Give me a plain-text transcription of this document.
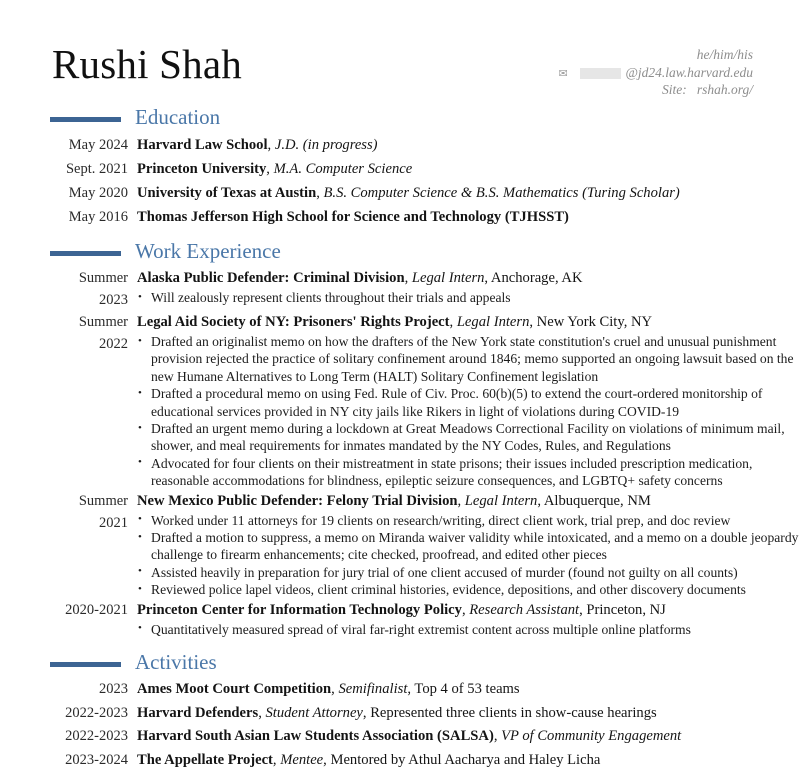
Rushi Shah	he/him/his
✉	@jd24.law.harvard.edu
Site: rshah.org/
Education
May 2024 Harvard Law School, J.D. (in progress)
Sept. 2021 Princeton University, M.A. Computer Science
May 2020 University of Texas at Austin, B.S. Computer Science & B.S. Mathematics (Turing Scholar)
May 2016 Thomas Jefferson High School for Science and Technology (TJHSST)
Work Experience
Summer
2023
Alaska Public Defender: Criminal Division, Legal Intern, Anchorage, AK
• Will zealously represent clients throughout their trials and appeals
Summer
2022
Legal Aid Society of NY: Prisoners' Rights Project, Legal Intern, New York City, NY
• Drafted an originalist memo on how the drafters of the New York state constitution's cruel and unusual punishment provision rejected the practice of solitary confinement around 1846; memo supported an ongoing lawsuit based on the new Humane Alternatives to Long Term (HALT) Solitary Confinement legislation
• Drafted a procedural memo on using Fed. Rule of Civ. Proc. 60(b)(5) to extend the court-ordered monitorship of educational services provided in NY city jails like Rikers in light of violations during COVID-19
• Drafted an urgent memo during a lockdown at Great Meadows Correctional Facility on violations of minimum mail, shower, and meal requirements for inmates mandated by the NY Codes, Rules, and Regulations
• Advocated for four clients on their mistreatment in state prisons; their issues included prescription medication, reasonable accommodations for blindness, epileptic seizure consequences, and LGBTQ+ safety concerns
Summer
2021
New Mexico Public Defender: Felony Trial Division, Legal Intern, Albuquerque, NM
• Worked under 11 attorneys for 19 clients on research/writing, direct client work, trial prep, and doc review
• Drafted a motion to suppress, a memo on Miranda waiver validity while intoxicated, and a memo on a double jeopardy challenge to firearm enhancements; cite checked, proofread, and edited other pieces
• Assisted heavily in preparation for jury trial of one client accused of murder (found not guilty on all counts)
• Reviewed police lapel videos, client criminal histories, evidence, depositions, and other discovery documents
2020-2021 Princeton Center for Information Technology Policy, Research Assistant, Princeton, NJ
• Quantitatively measured spread of viral far-right extremist content across multiple online platforms
Activities
2023 Ames Moot Court Competition, Semifinalist, Top 4 of 53 teams
2022-2023 Harvard Defenders, Student Attorney, Represented three clients in show-cause hearings
2022-2023 Harvard South Asian Law Students Association (SALSA), VP of Community Engagement
2023-2024 The Appellate Project, Mentee, Mentored by Athul Aacharya and Haley Licha
